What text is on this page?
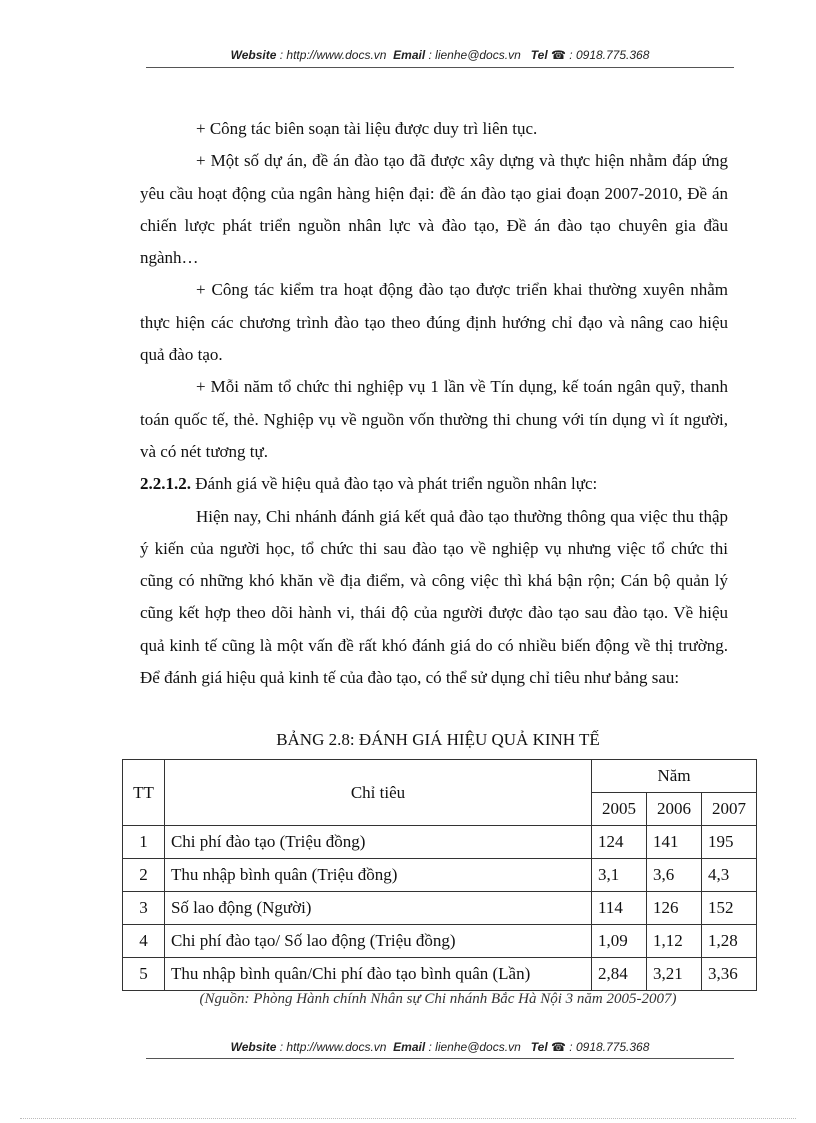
Website : http://www.docs.vn Email : lienhe@docs.vn Tel ☎ : 0918.775.368

+ Công tác biên soạn tài liệu được duy trì liên tục.

+ Một số dự án, đề án đào tạo đã được xây dựng và thực hiện nhằm đáp ứng yêu cầu hoạt động của ngân hàng hiện đại: đề án đào tạo giai đoạn 2007-2010, Đề án chiến lược phát triển nguồn nhân lực và đào tạo, Đề án đào tạo chuyên gia đầu ngành…

+ Công tác kiểm tra hoạt động đào tạo được triển khai thường xuyên nhằm thực hiện các chương trình đào tạo theo đúng định hướng chỉ đạo và nâng cao hiệu quả đào tạo.

+ Mỗi năm tổ chức thi nghiệp vụ 1 lần về Tín dụng, kế toán ngân quỹ, thanh toán quốc tế, thẻ. Nghiệp vụ về nguồn vốn thường thi chung với tín dụng vì ít người, và có nét tương tự.

2.2.1.2. Đánh giá về hiệu quả đào tạo và phát triển nguồn nhân lực:

Hiện nay, Chi nhánh đánh giá kết quả đào tạo thường thông qua việc thu thập ý kiến của người học, tổ chức thi sau đào tạo về nghiệp vụ nhưng việc tổ chức thi cũng có những khó khăn về địa điểm, và công việc thì khá bận rộn; Cán bộ quản lý cũng kết hợp theo dõi hành vi, thái độ của người được đào tạo sau đào tạo. Về hiệu quả kinh tế cũng là một vấn đề rất khó đánh giá do có nhiều biến động về thị trường. Để đánh giá hiệu quả kinh tế của đào tạo, có thể sử dụng chỉ tiêu như bảng sau:

BẢNG 2.8: ĐÁNH GIÁ HIỆU QUẢ KINH TẾ
TT	Chỉ tiêu	Năm		
		2005	2006	2007
1	Chi phí đào tạo (Triệu đồng)	124	141	195
2	Thu nhập bình quân (Triệu đồng)	3,1	3,6	4,3
3	Số lao động (Người)	114	126	152
4	Chi phí đào tạo/ Số lao động (Triệu đồng)	1,09	1,12	1,28
5	Thu nhập bình quân/Chi phí đào tạo bình quân (Lần)	2,84	3,21	3,36
(Nguồn: Phòng Hành chính Nhân sự Chi nhánh Bắc Hà Nội 3 năm 2005-2007)
Website : http://www.docs.vn Email : lienhe@docs.vn Tel ☎ : 0918.775.368
